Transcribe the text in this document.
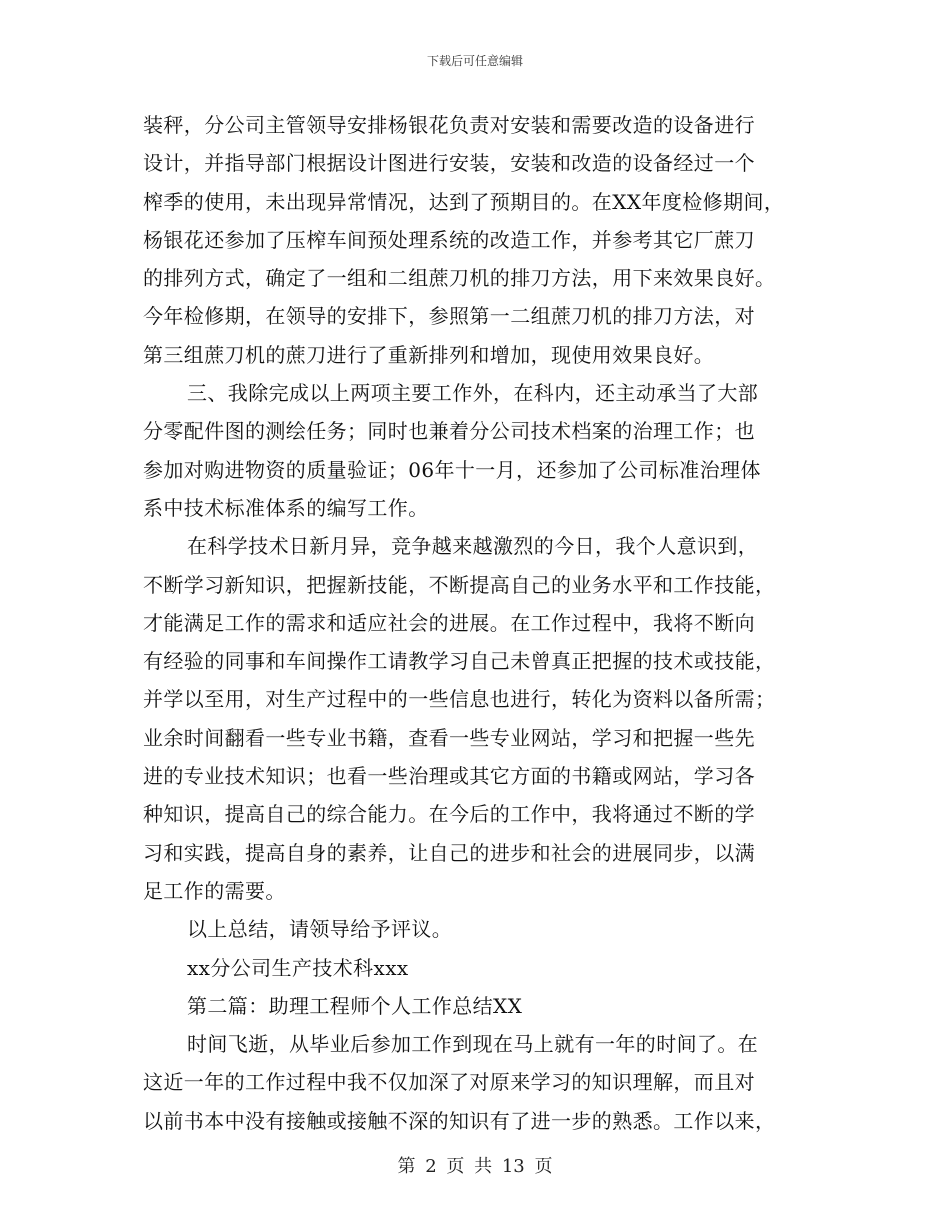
下载后可任意编辑
装秤，分公司主管领导安排杨银花负责对安装和需要改造的设备进行
设计，并指导部门根据设计图进行安装，安装和改造的设备经过一个
榨季的使用，未出现异常情况，达到了预期目的。在XX年度检修期间，
杨银花还参加了压榨车间预处理系统的改造工作，并参考其它厂蔗刀
的排列方式，确定了一组和二组蔗刀机的排刀方法，用下来效果良好。
今年检修期，在领导的安排下，参照第一二组蔗刀机的排刀方法，对
第三组蔗刀机的蔗刀进行了重新排列和增加，现使用效果良好。
三、我除完成以上两项主要工作外，在科内，还主动承当了大部
分零配件图的测绘任务；同时也兼着分公司技术档案的治理工作；也
参加对购进物资的质量验证；06年十一月，还参加了公司标准治理体
系中技术标准体系的编写工作。
在科学技术日新月异，竞争越来越激烈的今日，我个人意识到，
不断学习新知识，把握新技能，不断提高自己的业务水平和工作技能，
才能满足工作的需求和适应社会的进展。在工作过程中，我将不断向
有经验的同事和车间操作工请教学习自己未曾真正把握的技术或技能，
并学以至用，对生产过程中的一些信息也进行，转化为资料以备所需；
业余时间翻看一些专业书籍，查看一些专业网站，学习和把握一些先
进的专业技术知识；也看一些治理或其它方面的书籍或网站，学习各
种知识，提高自己的综合能力。在今后的工作中，我将通过不断的学
习和实践，提高自身的素养，让自己的进步和社会的进展同步，以满
足工作的需要。
以上总结，请领导给予评议。
xx分公司生产技术科xxx
第二篇：助理工程师个人工作总结XX
时间飞逝，从毕业后参加工作到现在马上就有一年的时间了。在
这近一年的工作过程中我不仅加深了对原来学习的知识理解，而且对
以前书本中没有接触或接触不深的知识有了进一步的熟悉。工作以来，
第 2 页 共 13 页
